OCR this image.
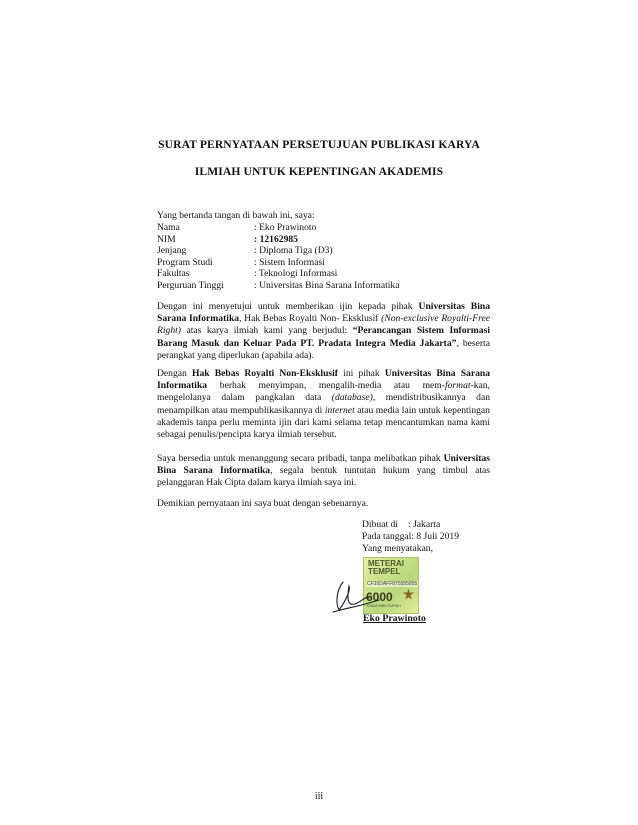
SURAT PERNYATAAN PERSETUJUAN PUBLIKASI KARYA
ILMIAH UNTUK KEPENTINGAN AKADEMIS
Yang bertanda tangan di bawah ini, saya:
Nama	: Eko Prawinoto
NIM	: 12162985
Jenjang	: Diploma Tiga (D3)
Program Studi	: Sistem Informasi
Fakultas	: Teknologi Informasi
Perguruan Tinggi	: Universitas Bina Sarana Informatika

Dengan ini menyetujui untuk memberikan ijin kepada pihak Universitas Bina Sarana Informatika, Hak Bebas Royalti Non- Eksklusif (Non-exclusive Royalti-Free Right) atas karya ilmiah kami yang berjudul: “Perancangan Sistem Informasi Barang Masuk dan Keluar Pada PT. Pradata Integra Media Jakarta”, beserta perangkat yang diperlukan (apabila ada).

Dengan Hak Bebas Royalti Non-Eksklusif ini pihak Universitas Bina Sarana Informatika berhak menyimpan, mengalih-media atau mem-format-kan, mengelolanya dalam pangkalan data (database), mendistribusikannya dan menampilkan atau mempublikasikannya di internet atau media lain untuk kepentingan akademis tanpa perlu meminta ijin dari kami selama tetap mencantumkan nama kami sebagai penulis/pencipta karya ilmiah tersebut.

Saya bersedia untuk menanggung secara pribadi, tanpa melibatkan pihak Universitas Bina Sarana Informatika, segala bentuk tuntutan hukum yang timbul atas pelanggaran Hak Cipta dalam karya ilmiah saya ini.

Demikian pernyataan ini saya buat dengan sebenarnya.

Dibuat di	: Jakarta
Pada tanggal: 8 Juli 2019
Yang menyatakan,
METERAI TEMPEL
CF35DAFF875555855
6000
ENAM RIBU RUPIAH
Eko Prawinoto
iii
